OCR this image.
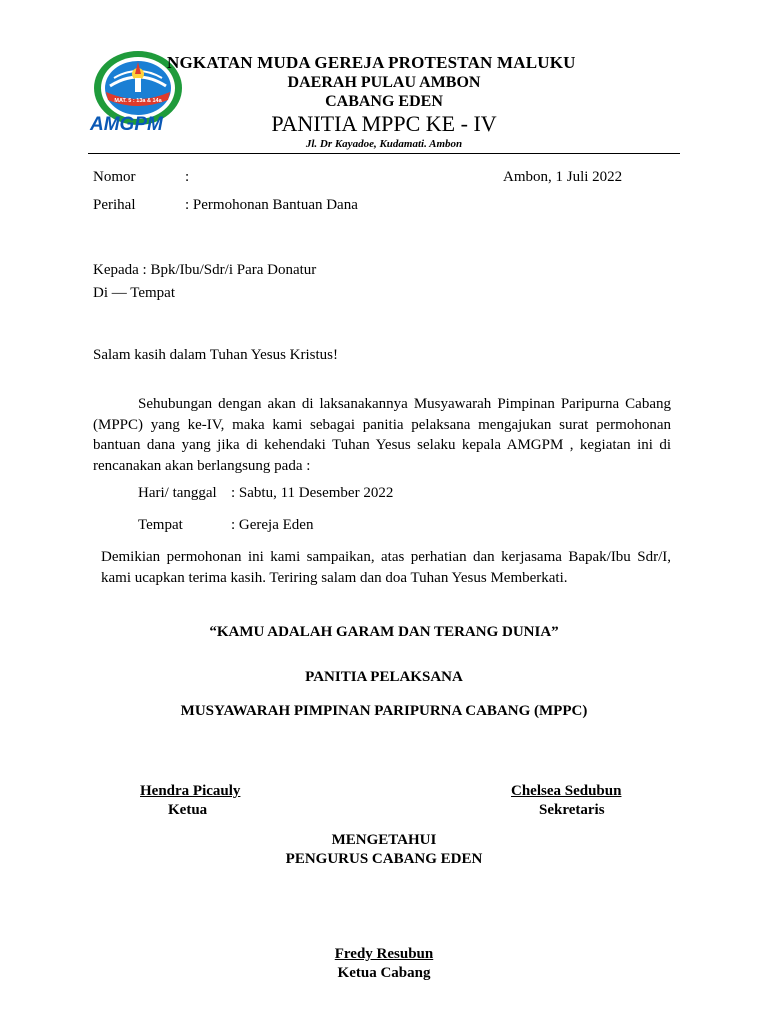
MAT. 5 : 13a & 14a
AMGPM
NGKATAN MUDA GEREJA PROTESTAN MALUKU
DAERAH PULAU AMBON
CABANG EDEN
PANITIA MPPC KE - IV
Jl. Dr Kayadoe, Kudamati. Ambon
Nomor	:	Ambon, 1 Juli 2022
Perihal	: Permohonan Bantuan Dana
Kepada : Bpk/Ibu/Sdr/i Para Donatur
Di — Tempat
Salam kasih dalam Tuhan Yesus Kristus!
Sehubungan dengan akan di laksanakannya Musyawarah Pimpinan Paripurna Cabang (MPPC) yang ke-IV, maka kami sebagai panitia pelaksana mengajukan surat permohonan bantuan dana yang jika di kehendaki Tuhan Yesus selaku kepala AMGPM , kegiatan ini di rencanakan akan berlangsung pada :
Hari/ tanggal : Sabtu, 11 Desember 2022
Tempat	: Gereja Eden
Demikian permohonan ini kami sampaikan, atas perhatian dan kerjasama Bapak/Ibu Sdr/I, kami ucapkan terima kasih. Teriring salam dan doa Tuhan Yesus Memberkati.
“KAMU ADALAH GARAM DAN TERANG DUNIA”
PANITIA PELAKSANA
MUSYAWARAH PIMPINAN PARIPURNA CABANG (MPPC)
Hendra Picauly
Ketua
Chelsea Sedubun
Sekretaris
MENGETAHUI
PENGURUS CABANG EDEN
Fredy Resubun
Ketua Cabang
